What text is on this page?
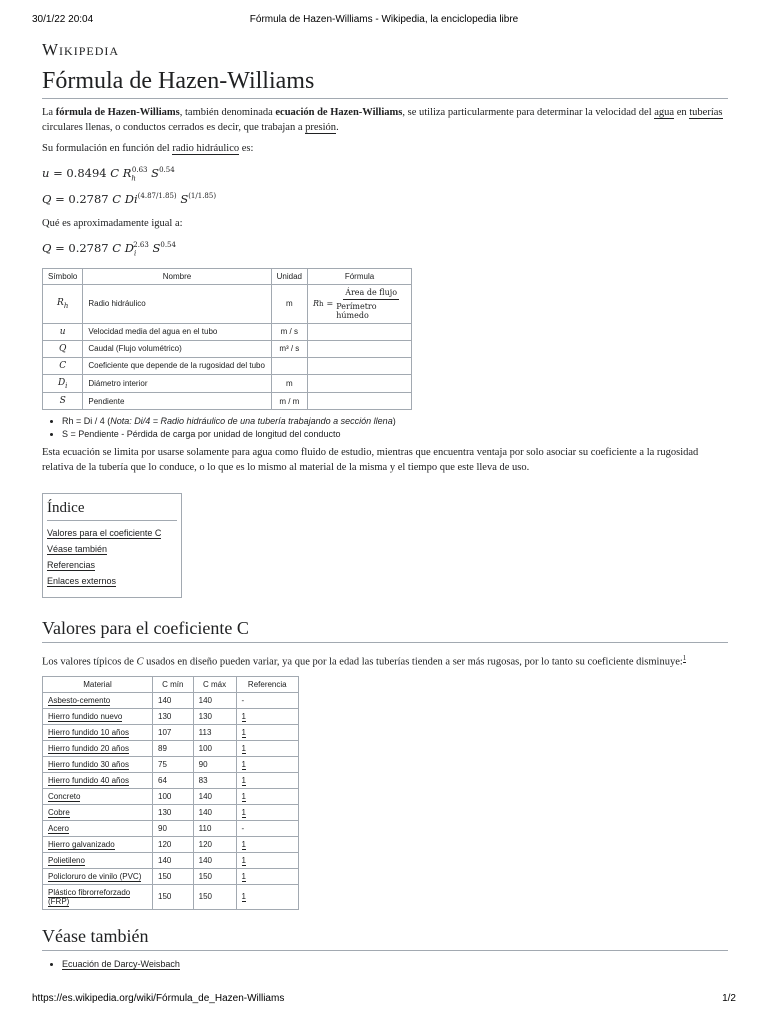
30/1/22 20:04	Fórmula de Hazen-Williams - Wikipedia, la enciclopedia libre
Wikipedia
Fórmula de Hazen-Williams

La fórmula de Hazen-Williams, también denominada ecuación de Hazen-Williams, se utiliza particularmente para determinar la velocidad del agua en tuberías circulares llenas, o conductos cerrados es decir, que trabajan a presión.

Su formulación en función del radio hidráulico es:

u = 0.8494 C $R_h^{0.63}$ $S^{0.54}$
Q = 0.2787 C $Di^{(4.87/1.85)}$ $S^{(1/1.85)}$

Qué es aproximadamente igual a:

Q = 0.2787 C $D_i^{2.63}$ $S^{0.54}$
Símbolo	Nombre	Unidad	Fórmula
$R_h$	Radio hidráulico	m	R h =
Área de flujo
Perímetro húmedo

u	Velocidad media del agua en el tubo	m / s	
Q	Caudal (Flujo volumétrico)	m³ / s	
C	Coeficiente que depende de la rugosidad del tubo		
$D_i$	Diámetro interior	m	
S	Pendiente	m / m	
• Rh = Di / 4 (Nota: Di/4 = Radio hidráulico de una tubería trabajando a sección llena)
• S = Pendiente - Pérdida de carga por unidad de longitud del conducto

Esta ecuación se limita por usarse solamente para agua como fluido de estudio, mientras que encuentra ventaja por solo asociar su coeficiente a la rugosidad relativa de la tubería que lo conduce, o lo que es lo mismo al material de la misma y el tiempo que este lleva de uso.

Índice
Valores para el coeficiente C
Véase también
Referencias
Enlaces externos
Valores para el coeficiente C

Los valores típicos de C usados en diseño pueden variar, ya que por la edad las tuberías tienden a ser más rugosas, por lo tanto su coeficiente disminuye:$^1$

Material	C mín	C máx	Referencia
Asbesto-cemento	140	140	-
Hierro fundido nuevo	130	130	1
Hierro fundido 10 años	107	113	1
Hierro fundido 20 años	89	100	1
Hierro fundido 30 años	75	90	1
Hierro fundido 40 años	64	83	1
Concreto	100	140	1
Cobre	130	140	1
Acero	90	110	-
Hierro galvanizado	120	120	1
Polietileno	140	140	1
Policloruro de vinilo (PVC)	150	150	1
Plástico fibrorreforzado (FRP)	150	150	1
Véase también
• Ecuación de Darcy-Weisbach
https://es.wikipedia.org/wiki/Fórmula_de_Hazen-Williams	1/2
